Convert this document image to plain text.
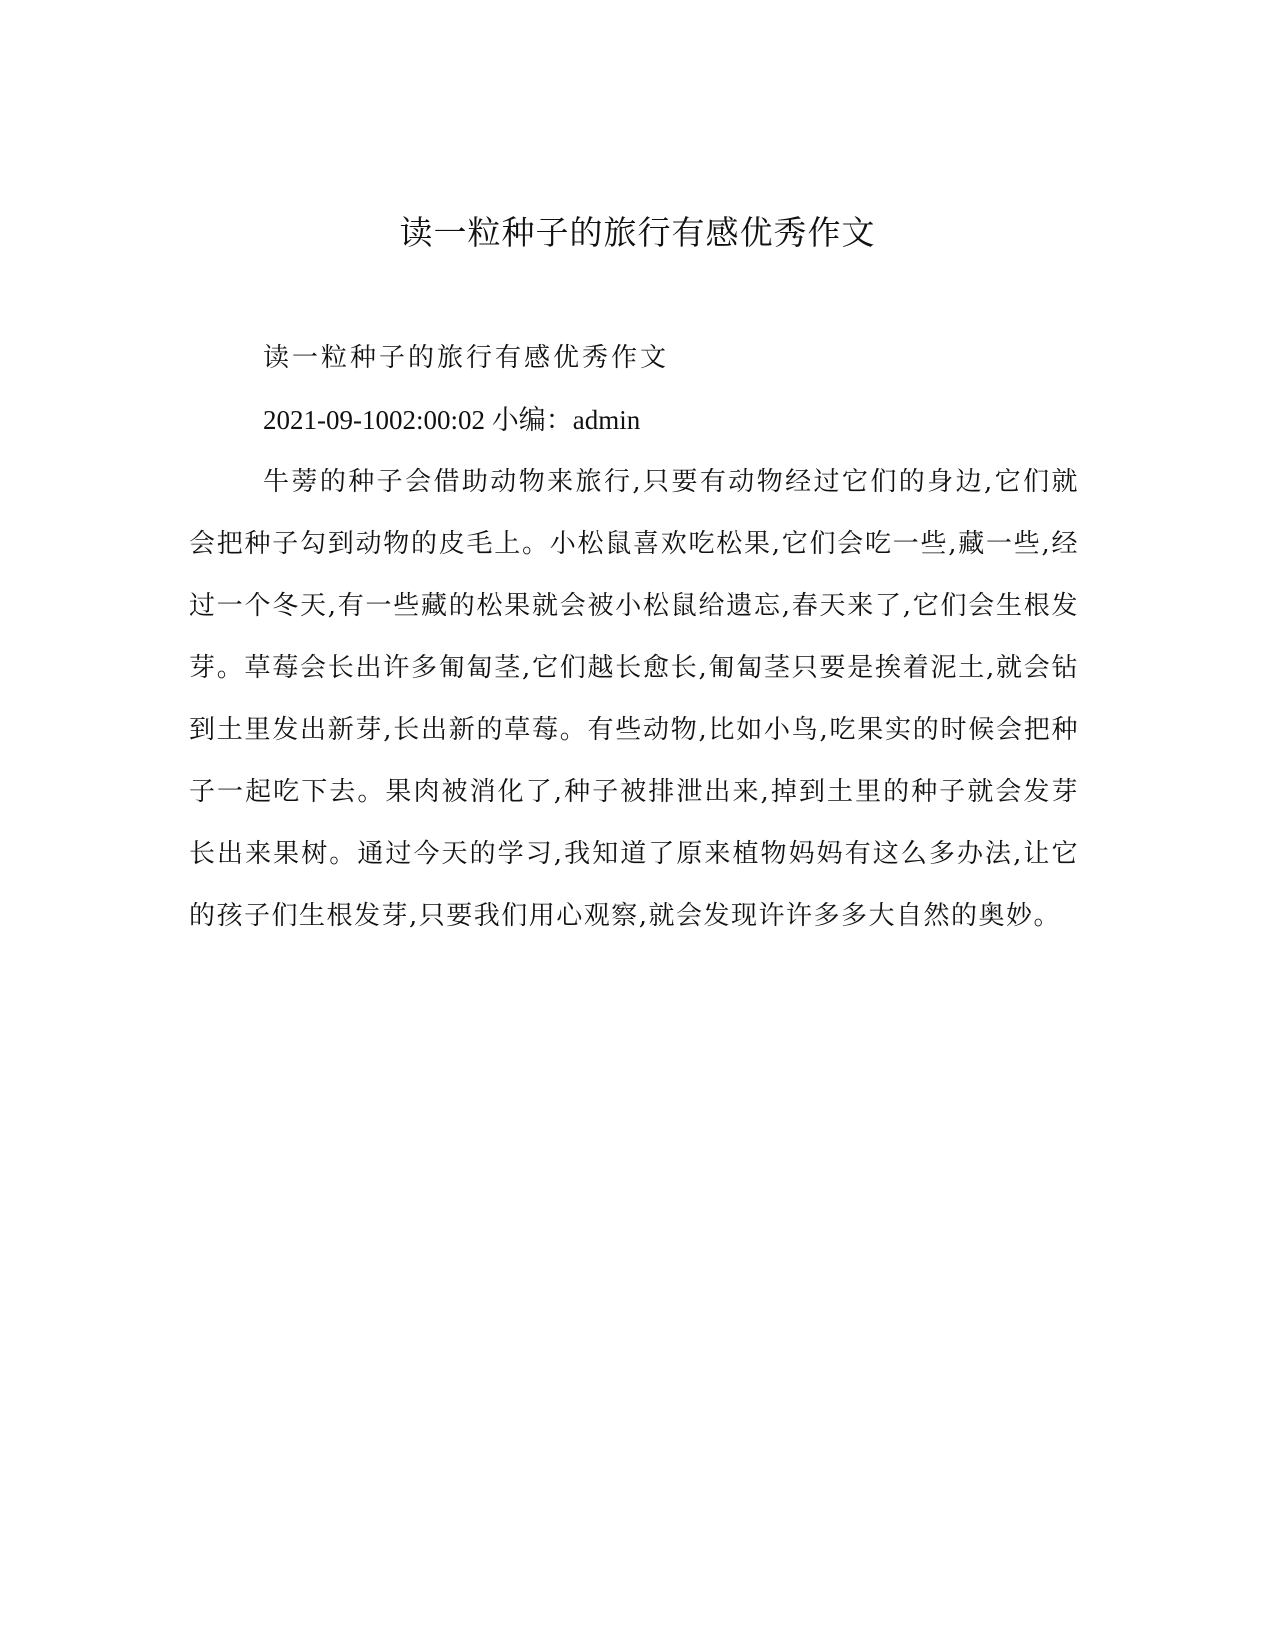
读一粒种子的旅行有感优秀作文

读一粒种子的旅行有感优秀作文

2021-09-1002:00:02 小编：admin

牛蒡的种子会借助动物来旅行,只要有动物经过它们的身边,它们就会把种子勾到动物的皮毛上。小松鼠喜欢吃松果,它们会吃一些,藏一些,经过一个冬天,有一些藏的松果就会被小松鼠给遗忘,春天来了,它们会生根发芽。草莓会长出许多匍匐茎,它们越长愈长,匍匐茎只要是挨着泥土,就会钻到土里发出新芽,长出新的草莓。有些动物,比如小鸟,吃果实的时候会把种子一起吃下去。果肉被消化了,种子被排泄出来,掉到土里的种子就会发芽长出来果树。通过今天的学习,我知道了原来植物妈妈有这么多办法,让它的孩子们生根发芽,只要我们用心观察,就会发现许许多多大自然的奥妙。
